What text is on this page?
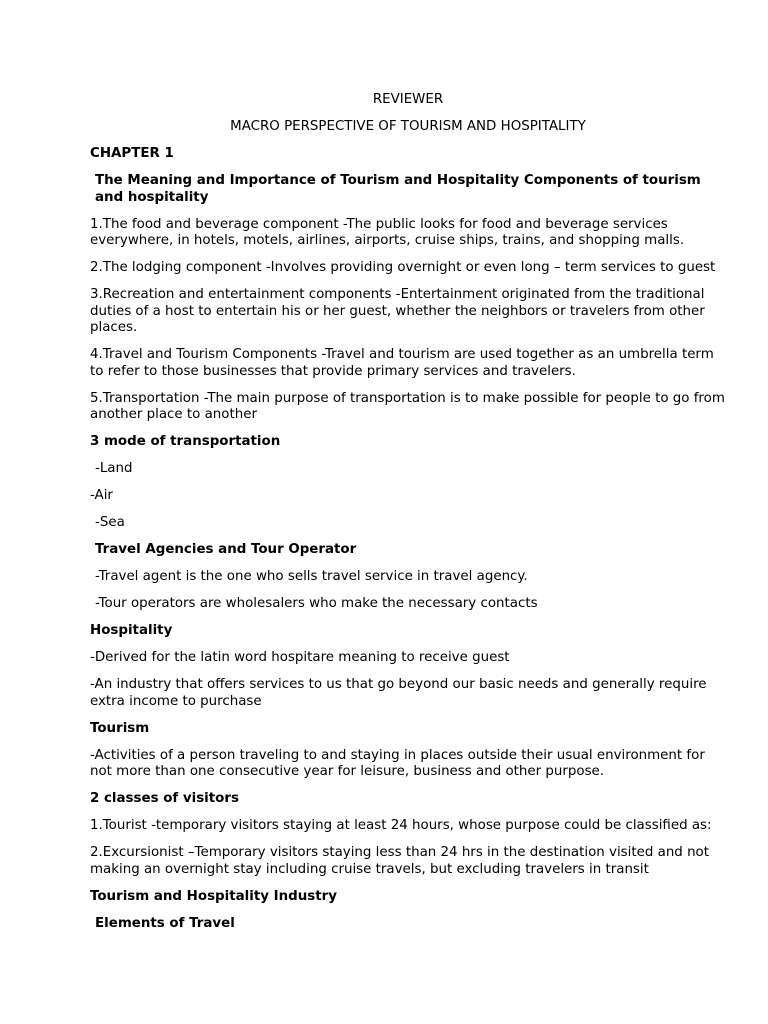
REVIEWER

MACRO PERSPECTIVE OF TOURISM AND HOSPITALITY

CHAPTER 1

The Meaning and Importance of Tourism and Hospitality Components of tourism and hospitality

1.The food and beverage component -The public looks for food and beverage services everywhere, in hotels, motels, airlines, airports, cruise ships, trains, and shopping malls.

2.The lodging component -Involves providing overnight or even long – term services to guest

3.Recreation and entertainment components -Entertainment originated from the traditional duties of a host to entertain his or her guest, whether the neighbors or travelers from other places.

4.Travel and Tourism Components -Travel and tourism are used together as an umbrella term to refer to those businesses that provide primary services and travelers.

5.Transportation -The main purpose of transportation is to make possible for people to go from another place to another

3 mode of transportation

-Land

-Air

-Sea

Travel Agencies and Tour Operator

-Travel agent is the one who sells travel service in travel agency.

-Tour operators are wholesalers who make the necessary contacts

Hospitality

-Derived for the latin word hospitare meaning to receive guest

-An industry that offers services to us that go beyond our basic needs and generally require extra income to purchase

Tourism

-Activities of a person traveling to and staying in places outside their usual environment for not more than one consecutive year for leisure, business and other purpose.

2 classes of visitors

1.Tourist -temporary visitors staying at least 24 hours, whose purpose could be classified as:

2.Excursionist –Temporary visitors staying less than 24 hrs in the destination visited and not making an overnight stay including cruise travels, but excluding travelers in transit

Tourism and Hospitality Industry

Elements of Travel
